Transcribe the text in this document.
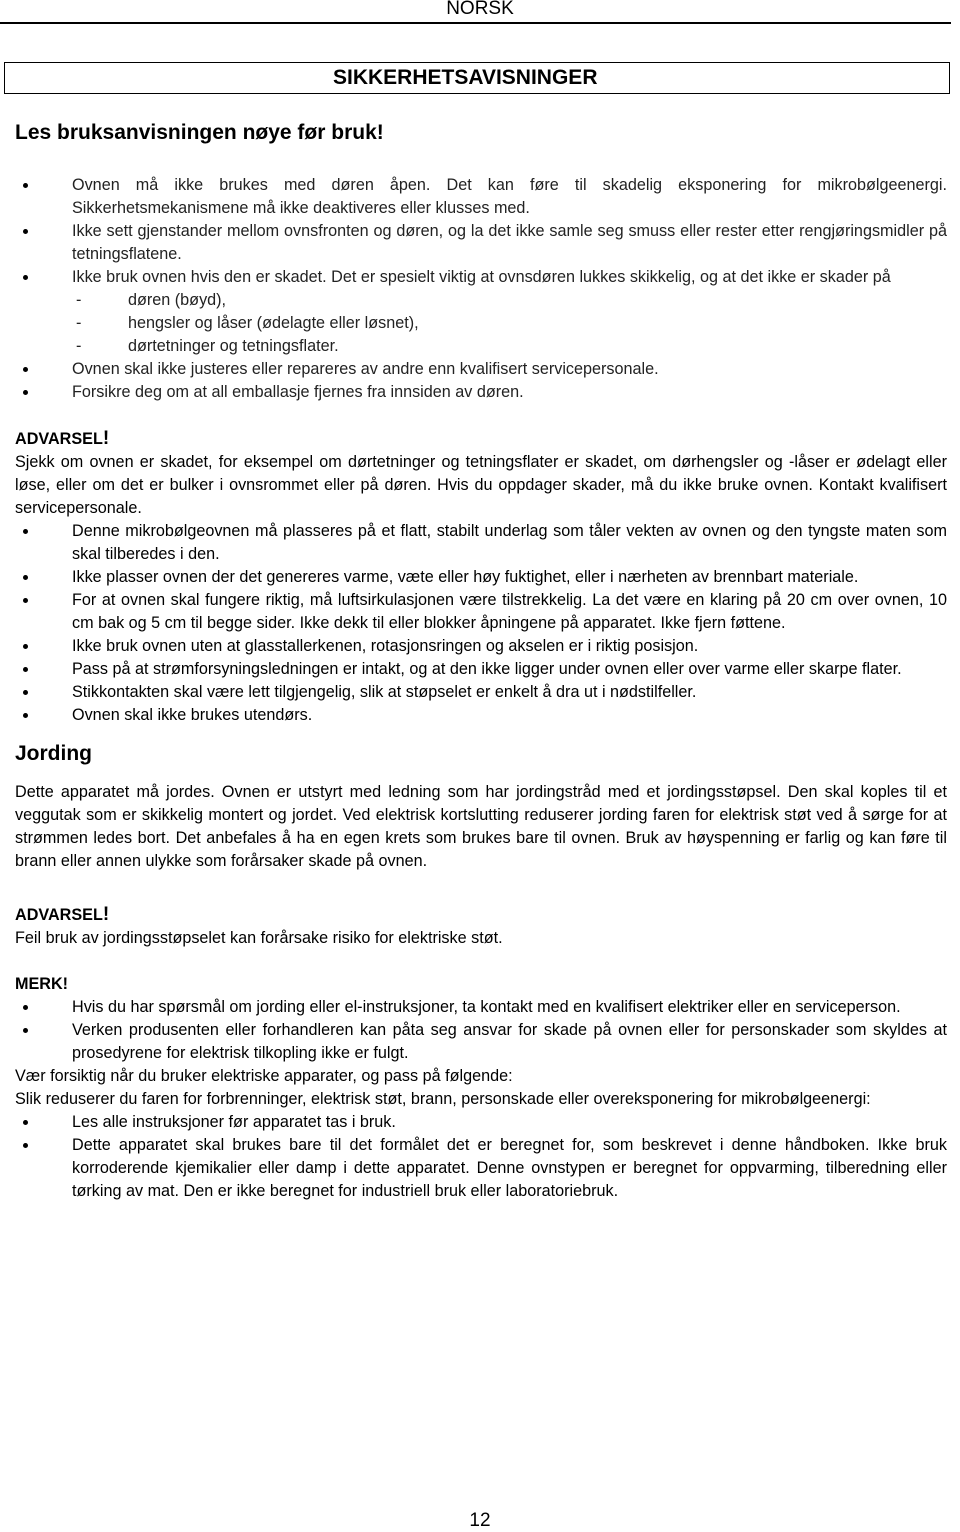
NORSK
SIKKERHETSAVISNINGER
Les bruksanvisningen nøye før bruk!
Ovnen må ikke brukes med døren åpen. Det kan føre til skadelig eksponering for mikrobølgeenergi. Sikkerhetsmekanismene må ikke deaktiveres eller klusses med.
Ikke sett gjenstander mellom ovnsfronten og døren, og la det ikke samle seg smuss eller rester etter rengjøringsmidler på tetningsflatene.
Ikke bruk ovnen hvis den er skadet. Det er spesielt viktig at ovnsdøren lukkes skikkelig, og at det ikke er skader på
- døren (bøyd),
- hengsler og låser (ødelagte eller løsnet),
- dørtetninger og tetningsflater.
Ovnen skal ikke justeres eller repareres av andre enn kvalifisert servicepersonale.
Forsikre deg om at all emballasje fjernes fra innsiden av døren.
ADVARSEL!

Sjekk om ovnen er skadet, for eksempel om dørtetninger og tetningsflater er skadet, om dørhengsler og -låser er ødelagt eller løse, eller om det er bulker i ovnsrommet eller på døren. Hvis du oppdager skader, må du ikke bruke ovnen. Kontakt kvalifisert servicepersonale.

Denne mikrobølgeovnen må plasseres på et flatt, stabilt underlag som tåler vekten av ovnen og den tyngste maten som skal tilberedes i den.
Ikke plasser ovnen der det genereres varme, væte eller høy fuktighet, eller i nærheten av brennbart materiale.
For at ovnen skal fungere riktig, må luftsirkulasjonen være tilstrekkelig. La det være en klaring på 20 cm over ovnen, 10 cm bak og 5 cm til begge sider. Ikke dekk til eller blokker åpningene på apparatet. Ikke fjern føttene.
Ikke bruk ovnen uten at glasstallerkenen, rotasjonsringen og akselen er i riktig posisjon.
Pass på at strømforsyningsledningen er intakt, og at den ikke ligger under ovnen eller over varme eller skarpe flater.
Stikkontakten skal være lett tilgjengelig, slik at støpselet er enkelt å dra ut i nødstilfeller.
Ovnen skal ikke brukes utendørs.
Jording

Dette apparatet må jordes. Ovnen er utstyrt med ledning som har jordingstråd med et jordingsstøpsel. Den skal koples til et veggutak som er skikkelig montert og jordet. Ved elektrisk kortslutting reduserer jording faren for elektrisk støt ved å sørge for at strømmen ledes bort. Det anbefales å ha en egen krets som brukes bare til ovnen. Bruk av høyspenning er farlig og kan føre til brann eller annen ulykke som forårsaker skade på ovnen.

ADVARSEL!

Feil bruk av jordingsstøpselet kan forårsake risiko for elektriske støt.

MERK!
Hvis du har spørsmål om jording eller el-instruksjoner, ta kontakt med en kvalifisert elektriker eller en serviceperson.
Verken produsenten eller forhandleren kan påta seg ansvar for skade på ovnen eller for personskader som skyldes at prosedyrene for elektrisk tilkopling ikke er fulgt.

Vær forsiktig når du bruker elektriske apparater, og pass på følgende:

Slik reduserer du faren for forbrenninger, elektrisk støt, brann, personskade eller overeksponering for mikrobølgeenergi:

Les alle instruksjoner før apparatet tas i bruk.
Dette apparatet skal brukes bare til det formålet det er beregnet for, som beskrevet i denne håndboken. Ikke bruk korroderende kjemikalier eller damp i dette apparatet. Denne ovnstypen er beregnet for oppvarming, tilberedning eller tørking av mat. Den er ikke beregnet for industriell bruk eller laboratoriebruk.
12
